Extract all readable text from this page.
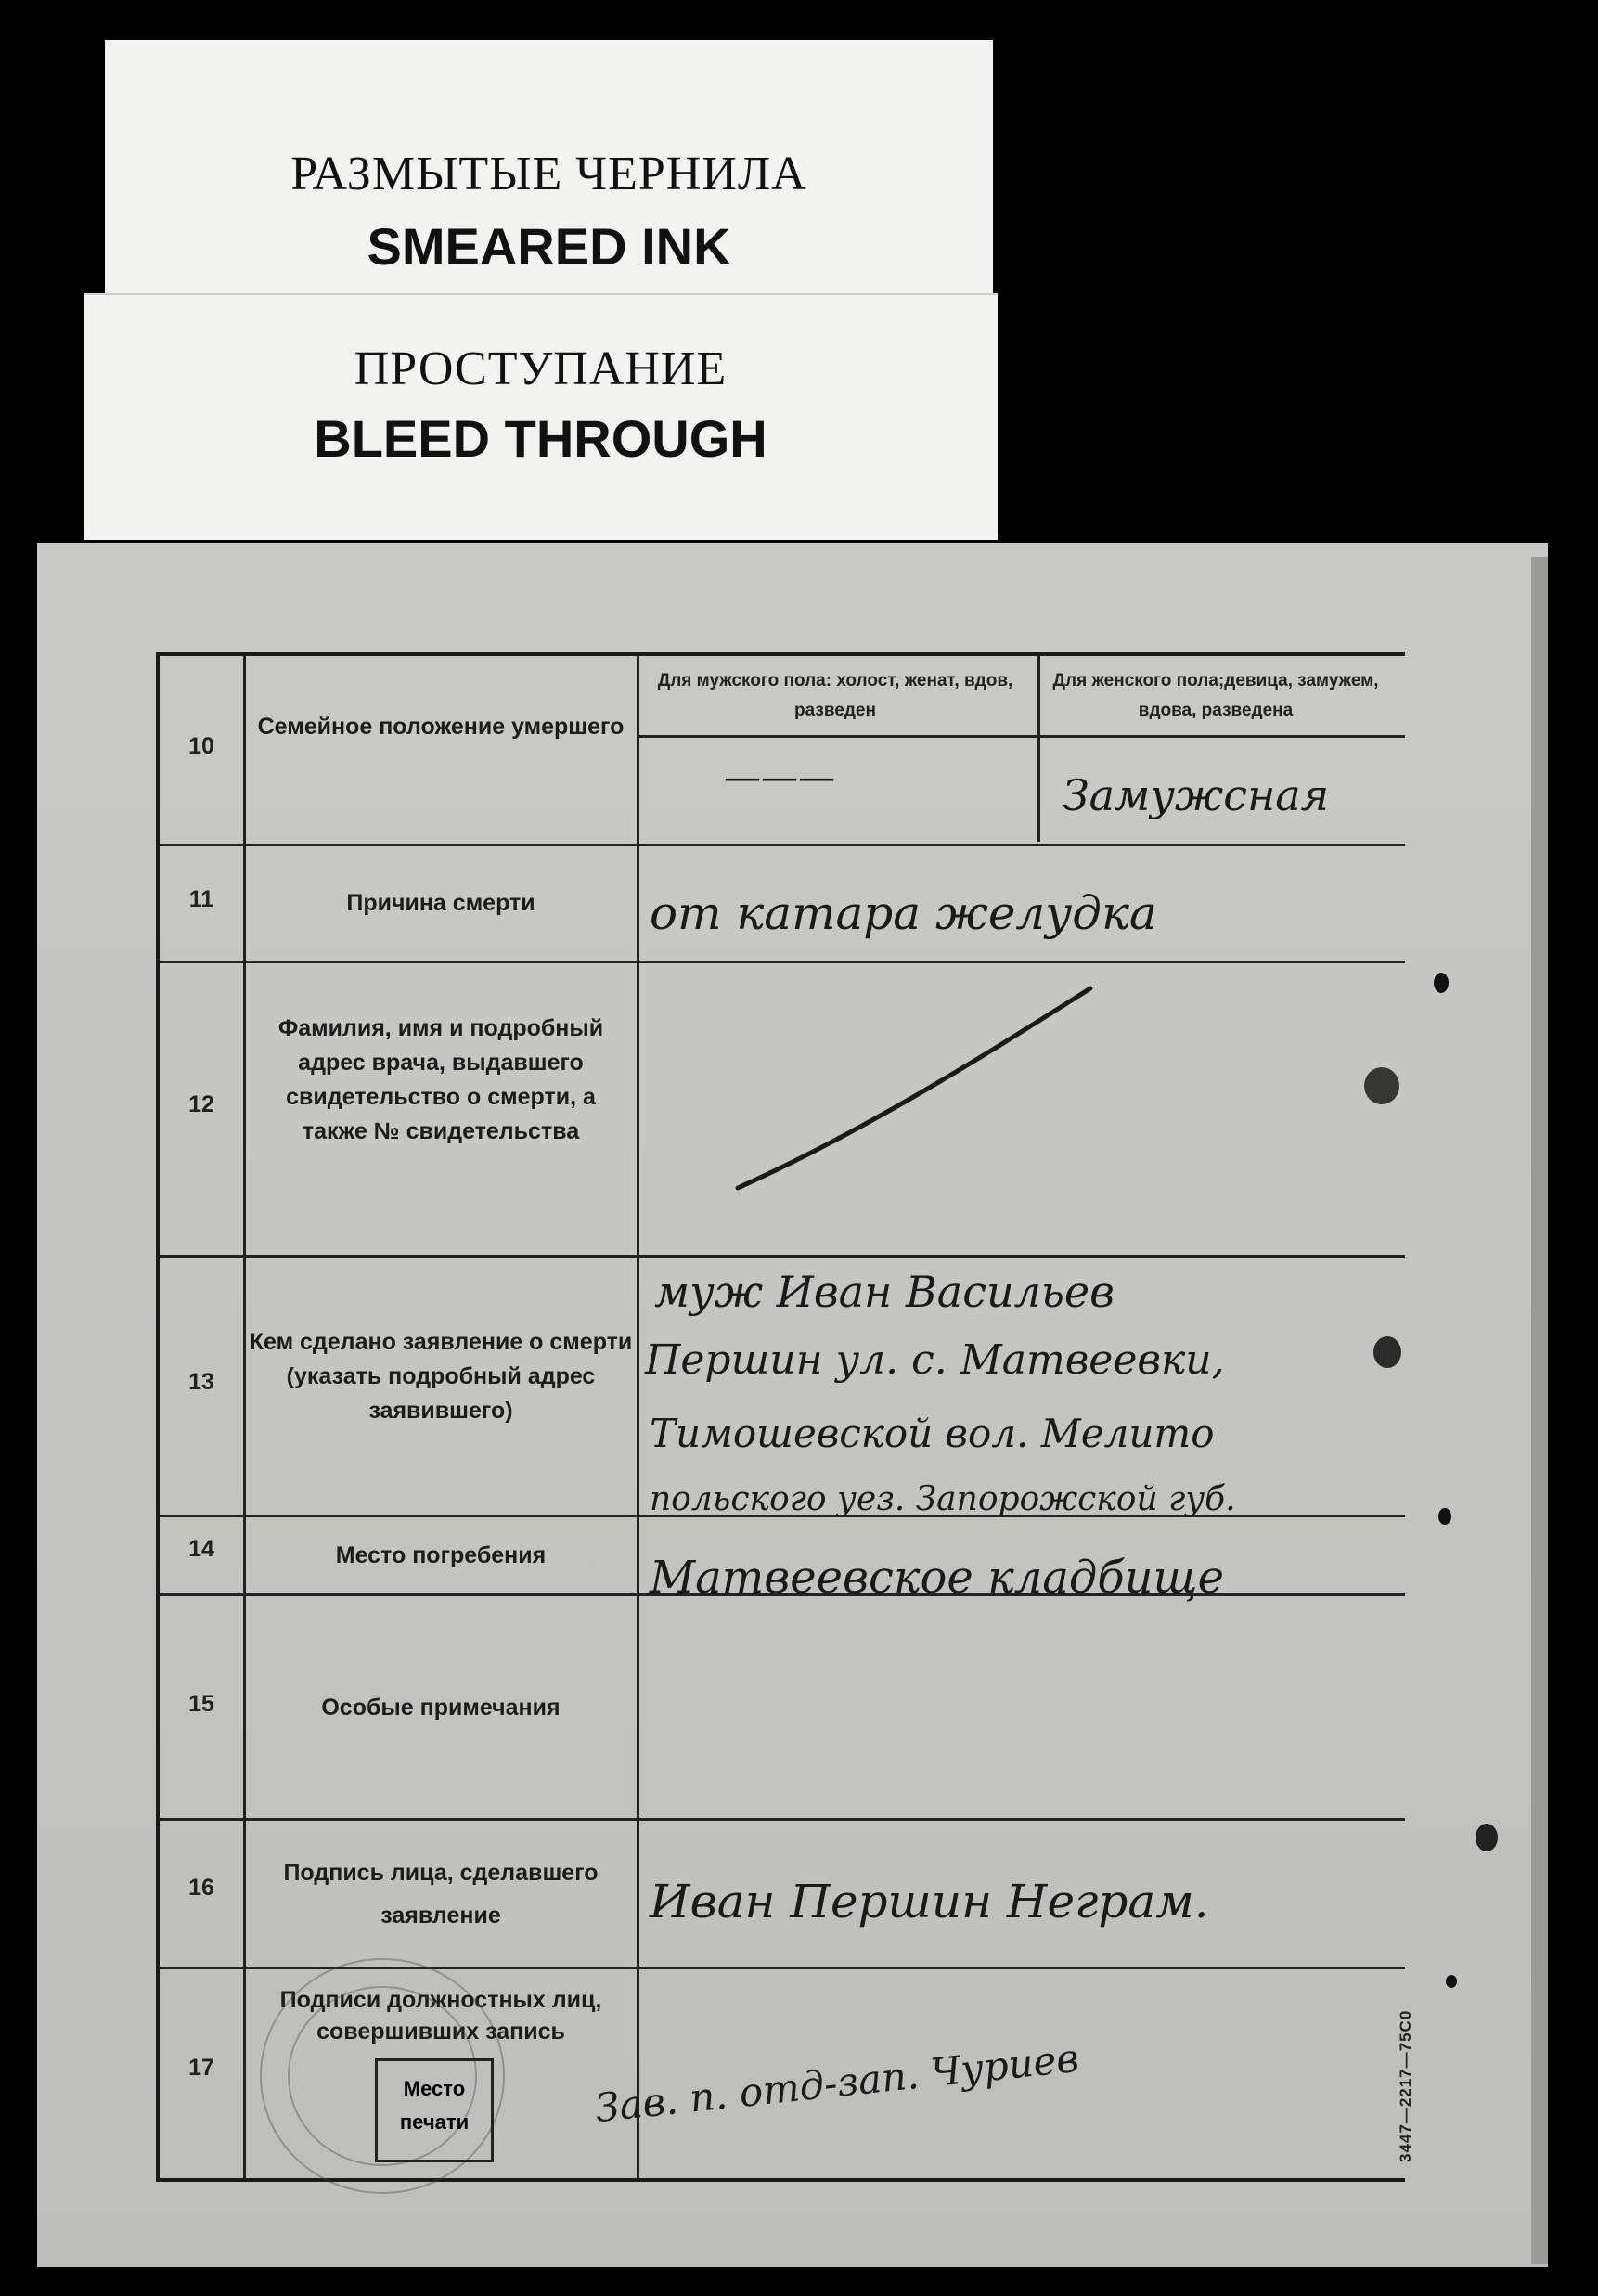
РАЗМЫТЫЕ ЧЕРНИЛА
SMEARED INK
ПРОСТУПАНИЕ
BLEED THROUGH
10
11
12
13
14
15
16
17
Семейное положение умершего
Причина смерти
Фамилия, имя и подробный адрес врача, выдавшего свидетельство о смерти, а также № свидетельства
Кем сделано заявление о смерти (указать подробный адрес заявившего)
Место погребения
Особые примечания
Подпись лица, сделавшего заявление
Подписи должностных лиц, совершивших запись
Для мужского пола: холост, женат, вдов, разведен
Для женского пола;девица, замужем, вдова, разведена
———	Замужсная
от катара желудка
муж Иван Васильев
Першин ул. с. Матвеевки,
Тимошевской вол. Мелито
польского уез. Запорожской губ.
Матвеевское кладбище
Иван Першин Неграм.
Зав. п. отд-зап. Чуриев
Место печати	3447—2217—75С0
